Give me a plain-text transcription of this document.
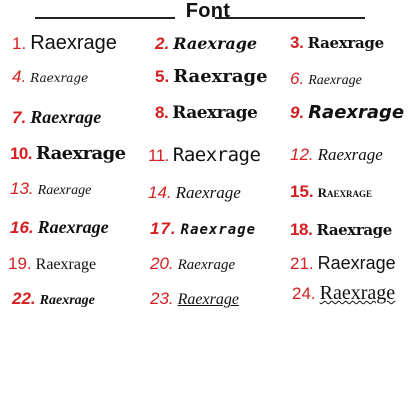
Font
1. Raexrage
4. Raexrage
7. Raexrage
10. Raexrage
13. Raexrage
16. Raexrage
19. Raexrage
22. Raexrage
2. Raexrage
5. Raexrage
8. Raexrage
11. Raexrage
14. Raexrage
17. Raexrage
20. Raexrage
23. Raexrage
3. Raexrage
6. Raexrage
9. Raexrage
12. Raexrage
15. Raexrage
18. Raexrage
21. Raexrage
24. Raexrage
